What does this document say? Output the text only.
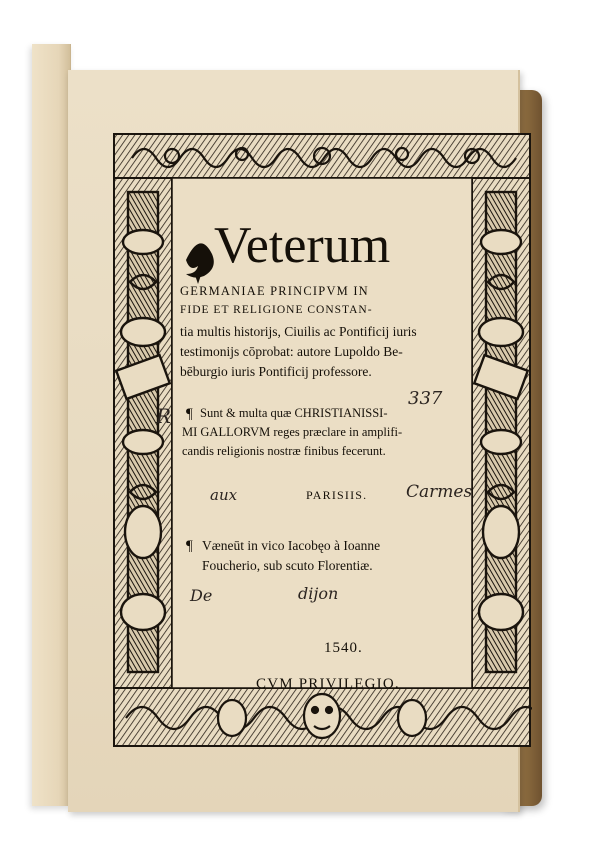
Veterum
GERMANIAE PRINCIPVM IN
FIDE ET RELIGIONE CONSTAN-
tia multis historijs, Ciuilis ac Pontificij iuris
testimonijs cōprobat: autore Lupoldo Be-
bēburgio iuris Pontificij professore.
¶ Sunt & multa quæ CHRISTIANISSI-
MI GALLORVM reges præclare in amplifi-
candis religionis nostræ finibus fecerunt.
PARISIIS.
¶ Væneūt in vico Iacobęo à Ioanne
Foucherio, sub scuto Florentiæ.
1540.
CVM PRIVILEGIO.
337
R
aux	Carmes
De	dijon
